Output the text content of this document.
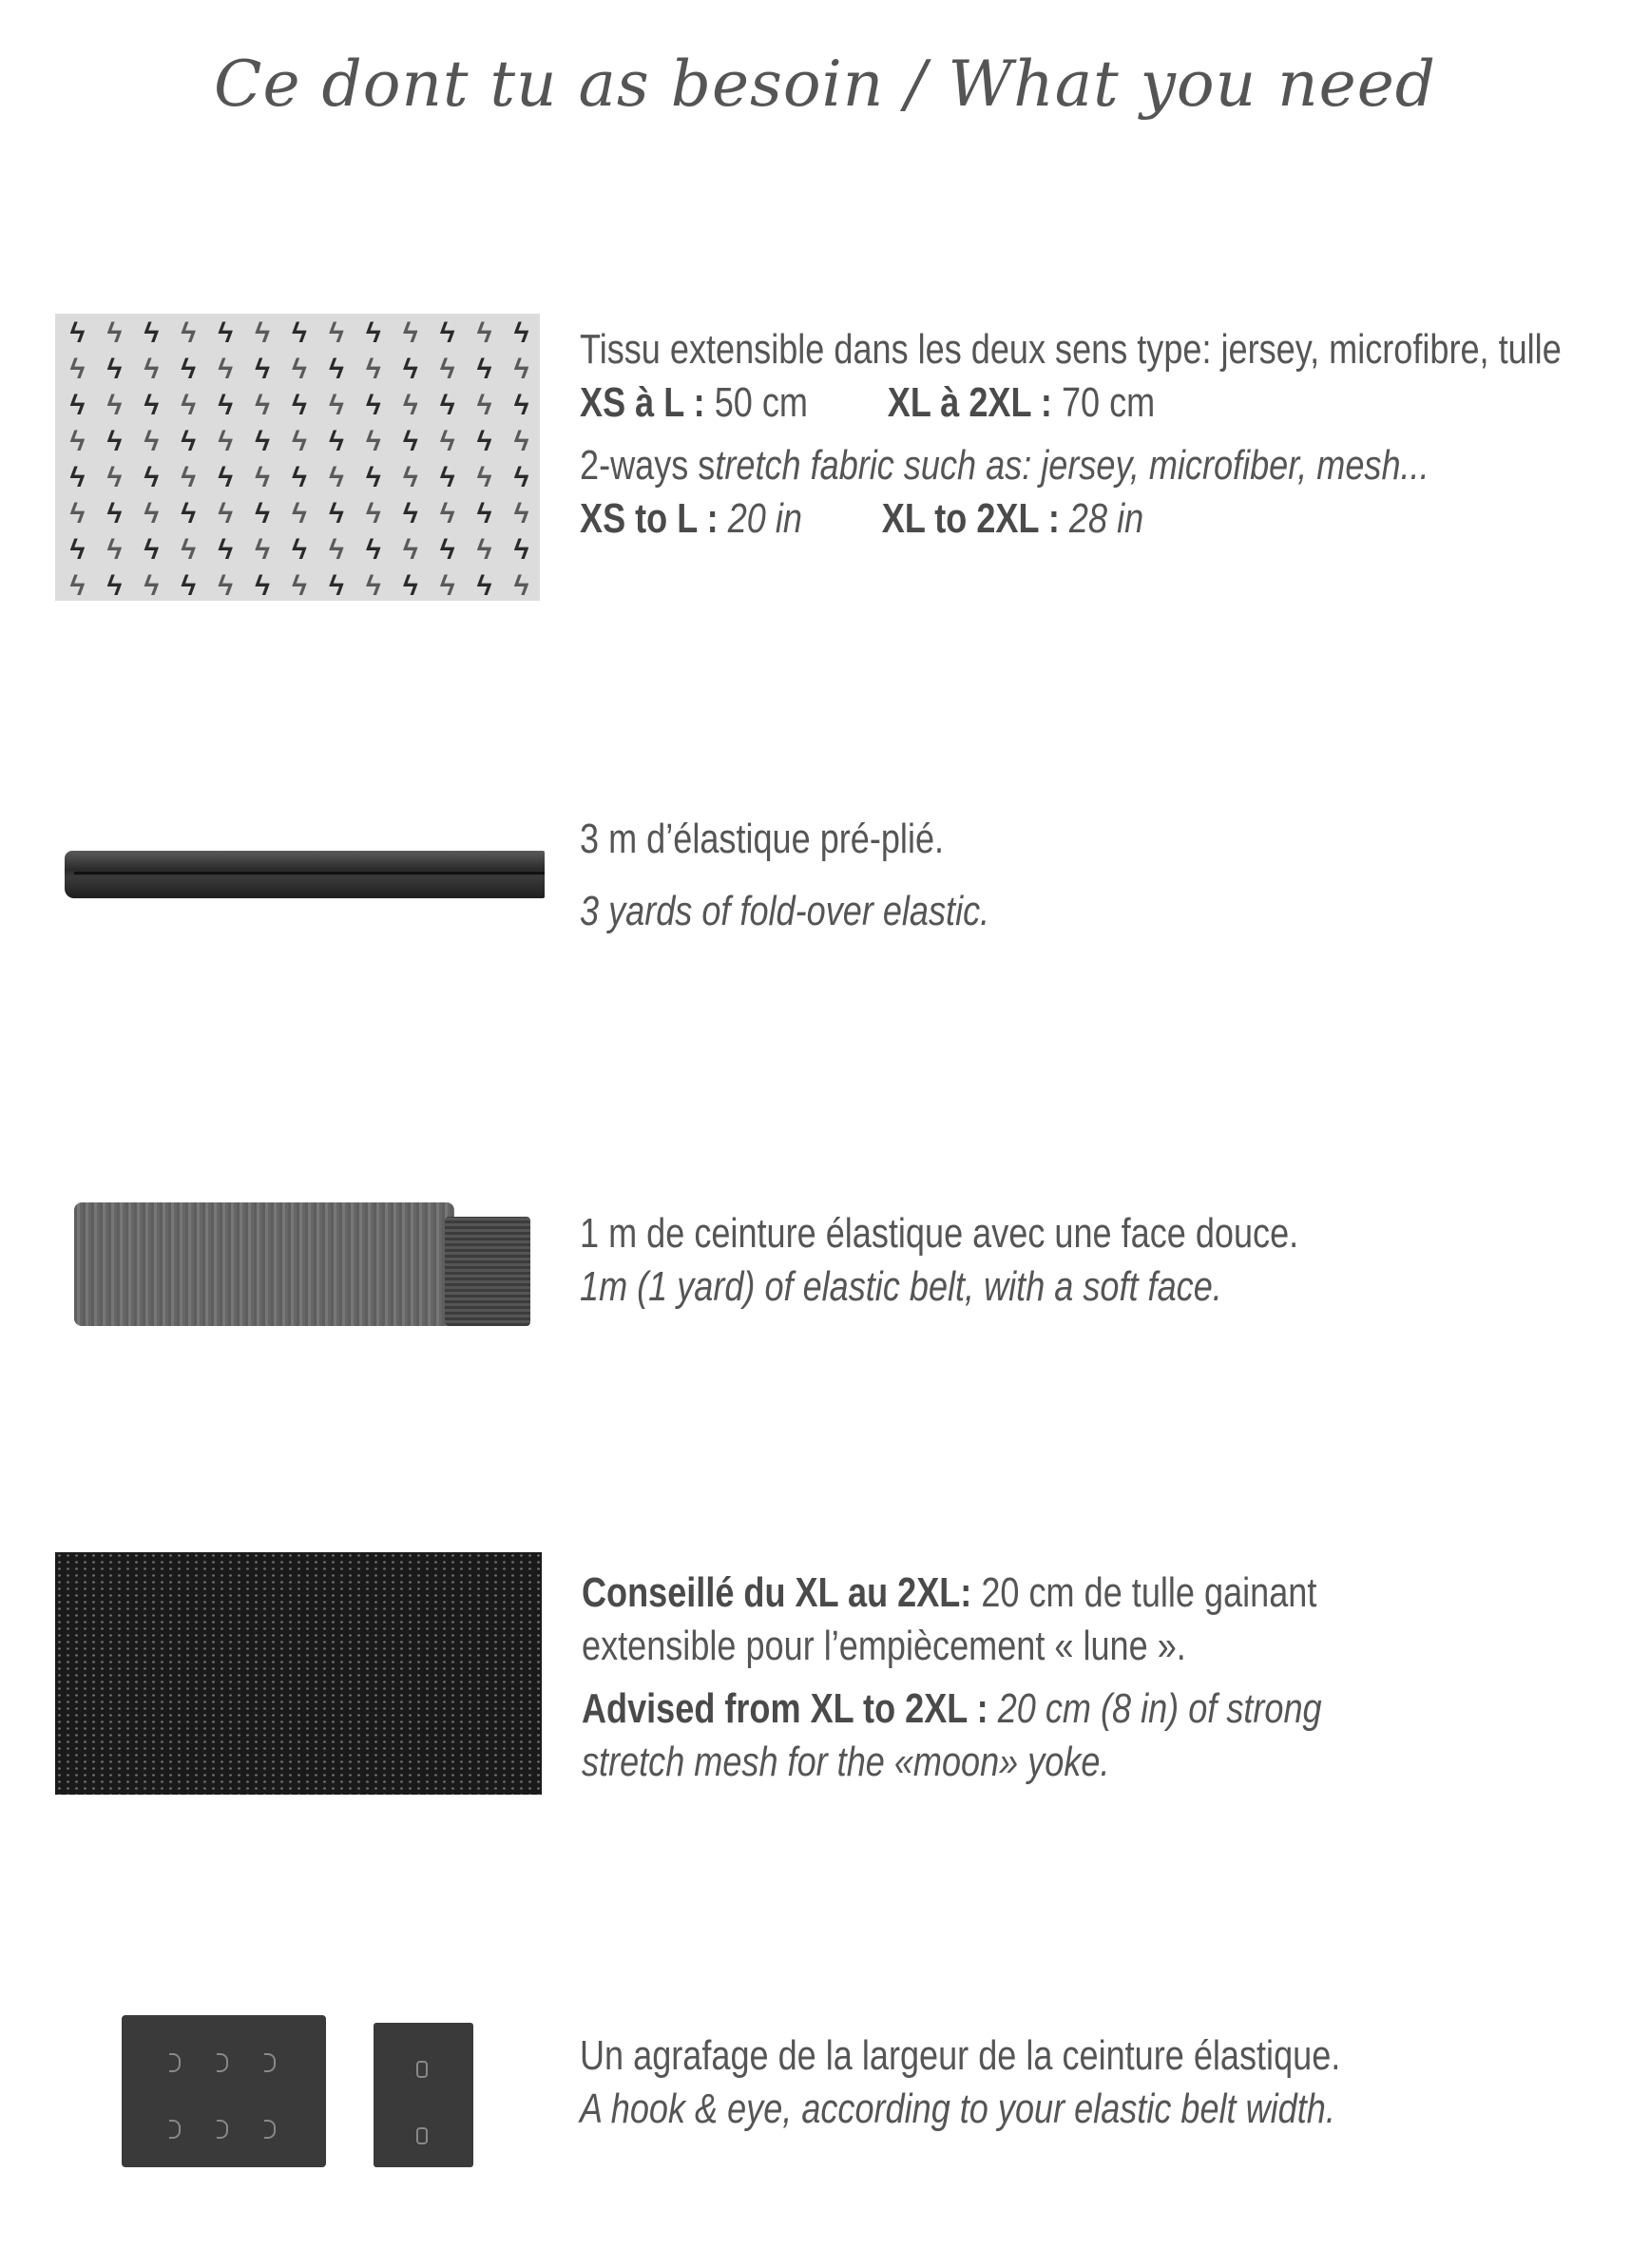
Ce dont tu as besoin / What you need
ϟ ϟ ϟ ϟ ϟ ϟ ϟ ϟ ϟ ϟ ϟ ϟ ϟ
ϟ ϟ ϟ ϟ ϟ ϟ ϟ ϟ ϟ ϟ ϟ ϟ ϟ
ϟ ϟ ϟ ϟ ϟ ϟ ϟ ϟ ϟ ϟ ϟ ϟ ϟ
ϟ ϟ ϟ ϟ ϟ ϟ ϟ ϟ ϟ ϟ ϟ ϟ ϟ
ϟ ϟ ϟ ϟ ϟ ϟ ϟ ϟ ϟ ϟ ϟ ϟ ϟ
ϟ ϟ ϟ ϟ ϟ ϟ ϟ ϟ ϟ ϟ ϟ ϟ ϟ
ϟ ϟ ϟ ϟ ϟ ϟ ϟ ϟ ϟ ϟ ϟ ϟ ϟ
ϟ ϟ ϟ ϟ ϟ ϟ ϟ ϟ ϟ ϟ ϟ ϟ ϟ

Tissu extensible dans les deux sens type: jersey, microfibre, tulle

XS à L : 50 cm XL à 2XL : 70 cm

2-ways stretch fabric such as: jersey, microfiber, mesh...

XS to L : 20 in XL to 2XL : 28 in

3 m d’élastique pré-plié.

3 yards of fold-over elastic.

1 m de ceinture élastique avec une face douce.

1m (1 yard) of elastic belt, with a soft face.

Conseillé du XL au 2XL: 20 cm de tulle gainant extensible pour l’empiècement « lune ».

Advised from XL to 2XL : 20 cm (8 in) of strong stretch mesh for the «moon» yoke.

Un agrafage de la largeur de la ceinture élastique.

A hook & eye, according to your elastic belt width.
